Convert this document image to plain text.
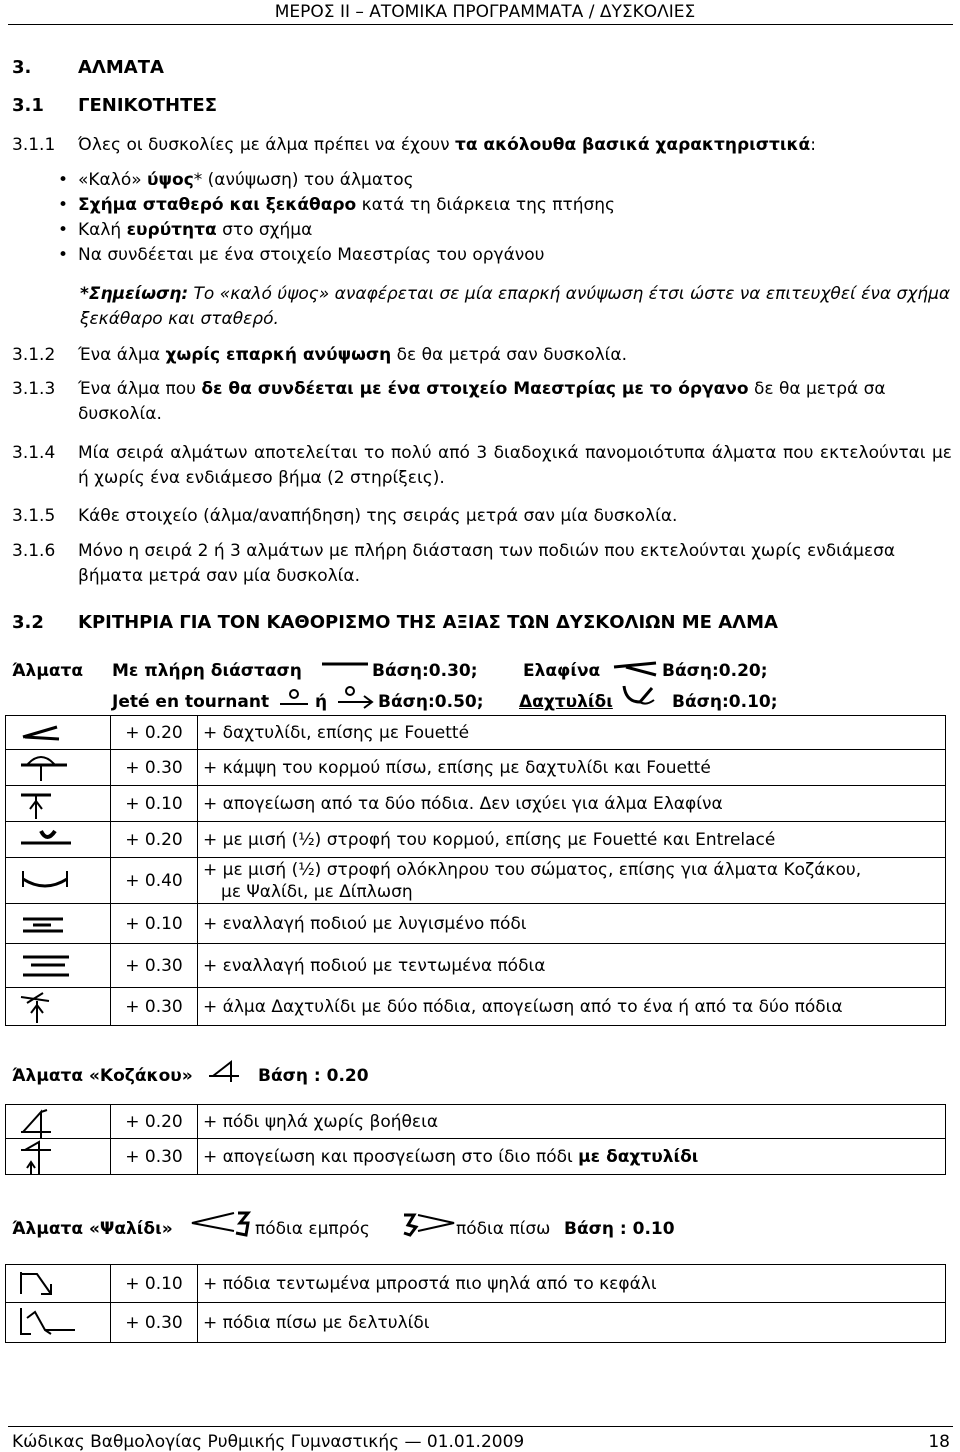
ΜΕΡΟΣ ΙΙ – ΑΤΟΜΙΚΑ ΠΡΟΓΡΑΜΜΑΤΑ / ΔΥΣΚΟΛΙΕΣ
3.	ΑΛΜΑΤΑ
3.1 ΓΕΝΙΚΟΤΗΤΕΣ
3.1.1 Όλες οι δυσκολίες με άλμα πρέπει να έχουν τα ακόλουθα βασικά χαρακτηριστικά:
• «Καλό» ύψος* (ανύψωση) του άλματος
• Σχήμα σταθερό και ξεκάθαρο κατά τη διάρκεια της πτήσης
• Καλή ευρύτητα στο σχήμα
• Να συνδέεται με ένα στοιχείο Μαεστρίας του οργάνου
*Σημείωση: Το «καλό ύψος» αναφέρεται σε μία επαρκή ανύψωση έτσι ώστε να επιτευχθεί ένα σχήμα ξεκάθαρο και σταθερό.
3.1.2 Ένα άλμα χωρίς επαρκή ανύψωση δε θα μετρά σαν δυσκολία.
3.1.3 Ένα άλμα που δε θα συνδέεται με ένα στοιχείο Μαεστρίας με το όργανο δε θα μετρά σα δυσκολία.
3.1.4 Μία σειρά αλμάτων αποτελείται το πολύ από 3 διαδοχικά πανομοιότυπα άλματα που εκτελούνται με ή χωρίς ένα ενδιάμεσο βήμα (2 στηρίξεις).
3.1.5 Κάθε στοιχείο (άλμα/αναπήδηση) της σειράς μετρά σαν μία δυσκολία.
3.1.6 Μόνο η σειρά 2 ή 3 αλμάτων με πλήρη διάσταση των ποδιών που εκτελούνται χωρίς ενδιάμεσα βήματα μετρά σαν μία δυσκολία.
3.2 ΚΡΙΤΗΡΙΑ ΓΙΑ ΤΟΝ ΚΑΘΟΡΙΣΜΟ ΤΗΣ ΑΞΙΑΣ ΤΩΝ ΔΥΣΚΟΛΙΩΝ ΜΕ ΑΛΜΑ
Άλματα Με πλήρη διάσταση	Βάση:0.30;	Ελαφίνα	Βάση:0.20;
Jeté en tournant	ή	Βάση:0.50; Δαχτυλίδι	Βάση:0.10;
	+ 0.20	+ δαχτυλίδι, επίσης με Fouetté

	+ 0.30	+ κάμψη του κορμού πίσω, επίσης με δαχτυλίδι και Fouetté

	+ 0.10	+ απογείωση από τα δύο πόδια. Δεν ισχύει για άλμα Ελαφίνα

	+ 0.20	+ με μισή (½) στροφή του κορμού, επίσης με Fouetté και Entrelacé

	+ 0.40	+ με μισή (½) στροφή ολόκληρου του σώματος, επίσης για άλματα Κοζάκου,
με Ψαλίδι, με Δίπλωση

	+ 0.10	+ εναλλαγή ποδιού με λυγισμένο πόδι

	+ 0.30	+ εναλλαγή ποδιού με τεντωμένα πόδια

	+ 0.30	+ άλμα Δαχτυλίδι με δύο πόδια, απογείωση από το ένα ή από τα δύο πόδια
Άλματα «Κοζάκου»	Βάση : 0.20
	+ 0.20	+ πόδι ψηλά χωρίς βοήθεια

	+ 0.30	+ απογείωση και προσγείωση στο ίδιο πόδι με δαχτυλίδι
Άλματα «Ψαλίδι»	πόδια εμπρός	πόδια πίσω Βάση : 0.10
	+ 0.10	+ πόδια τεντωμένα μπροστά πιο ψηλά από το κεφάλι

	+ 0.30	+ πόδια πίσω με δελτυλίδι
Κώδικας Βαθμολογίας Ρυθμικής Γυμναστικής — 01.01.2009	18
